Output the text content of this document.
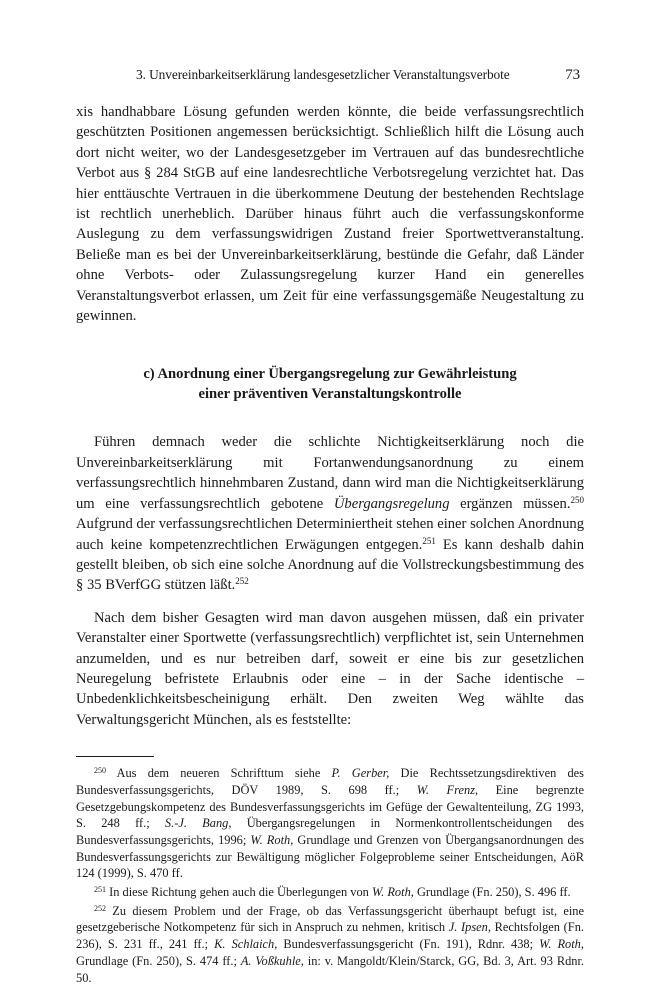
3. Unvereinbarkeitserklärung landesgesetzlicher Veranstaltungsverbote	73

xis handhabbare Lösung gefunden werden könnte, die beide verfassungsrechtlich geschützten Positionen angemessen berücksichtigt. Schließlich hilft die Lösung auch dort nicht weiter, wo der Landesgesetzgeber im Vertrauen auf das bundesrechtliche Verbot aus § 284 StGB auf eine landesrechtliche Verbotsregelung verzichtet hat. Das hier enttäuschte Vertrauen in die überkommene Deutung der bestehenden Rechtslage ist rechtlich unerheblich. Darüber hinaus führt auch die verfassungskonforme Auslegung zu dem verfassungswidrigen Zustand freier Sportwettveranstaltung. Beließe man es bei der Unvereinbarkeitserklärung, bestünde die Gefahr, daß Länder ohne Verbots- oder Zulassungsregelung kurzer Hand ein generelles Veranstaltungsverbot erlassen, um Zeit für eine verfassungsgemäße Neugestaltung zu gewinnen.

c) Anordnung einer Übergangsregelung zur Gewährleistung
einer präventiven Veranstaltungskontrolle

Führen demnach weder die schlichte Nichtigkeitserklärung noch die Unvereinbarkeitserklärung mit Fortanwendungsanordnung zu einem verfassungsrechtlich hinnehmbaren Zustand, dann wird man die Nichtigkeitserklärung um eine verfassungsrechtlich gebotene Übergangsregelung ergänzen müssen.$^{250}$ Aufgrund der verfassungsrechtlichen Determiniertheit stehen einer solchen Anordnung auch keine kompetenzrechtlichen Erwägungen entgegen.$^{251}$ Es kann deshalb dahin gestellt bleiben, ob sich eine solche Anordnung auf die Vollstreckungsbestimmung des § 35 BVerfGG stützen läßt.$^{252}$

Nach dem bisher Gesagten wird man davon ausgehen müssen, daß ein privater Veranstalter einer Sportwette (verfassungsrechtlich) verpflichtet ist, sein Unternehmen anzumelden, und es nur betreiben darf, soweit er eine bis zur gesetzlichen Neuregelung befristete Erlaubnis oder eine – in der Sache identische – Unbedenklichkeitsbescheinigung erhält. Den zweiten Weg wählte das Verwaltungsgericht München, als es feststellte:

$^{250}$ Aus dem neueren Schrifttum siehe P. Gerber, Die Rechtssetzungsdirektiven des Bundesverfassungsgerichts, DÖV 1989, S. 698 ff.; W. Frenz, Eine begrenzte Gesetzgebungskompetenz des Bundesverfassungsgerichts im Gefüge der Gewaltenteilung, ZG 1993, S. 248 ff.; S.-J. Bang, Übergangsregelungen in Normenkontrollentscheidungen des Bundesverfassungsgerichts, 1996; W. Roth, Grundlage und Grenzen von Übergangsanordnungen des Bundesverfassungsgerichts zur Bewältigung möglicher Folgeprobleme seiner Entscheidungen, AöR 124 (1999), S. 470 ff.

$^{251}$ In diese Richtung gehen auch die Überlegungen von W. Roth, Grundlage (Fn. 250), S. 496 ff.

$^{252}$ Zu diesem Problem und der Frage, ob das Verfassungsgericht überhaupt befugt ist, eine gesetzgeberische Notkompetenz für sich in Anspruch zu nehmen, kritisch J. Ipsen, Rechtsfolgen (Fn. 236), S. 231 ff., 241 ff.; K. Schlaich, Bundesverfassungsgericht (Fn. 191), Rdnr. 438; W. Roth, Grundlage (Fn. 250), S. 474 ff.; A. Voßkuhle, in: v. Mangoldt/Klein/Starck, GG, Bd. 3, Art. 93 Rdnr. 50.
